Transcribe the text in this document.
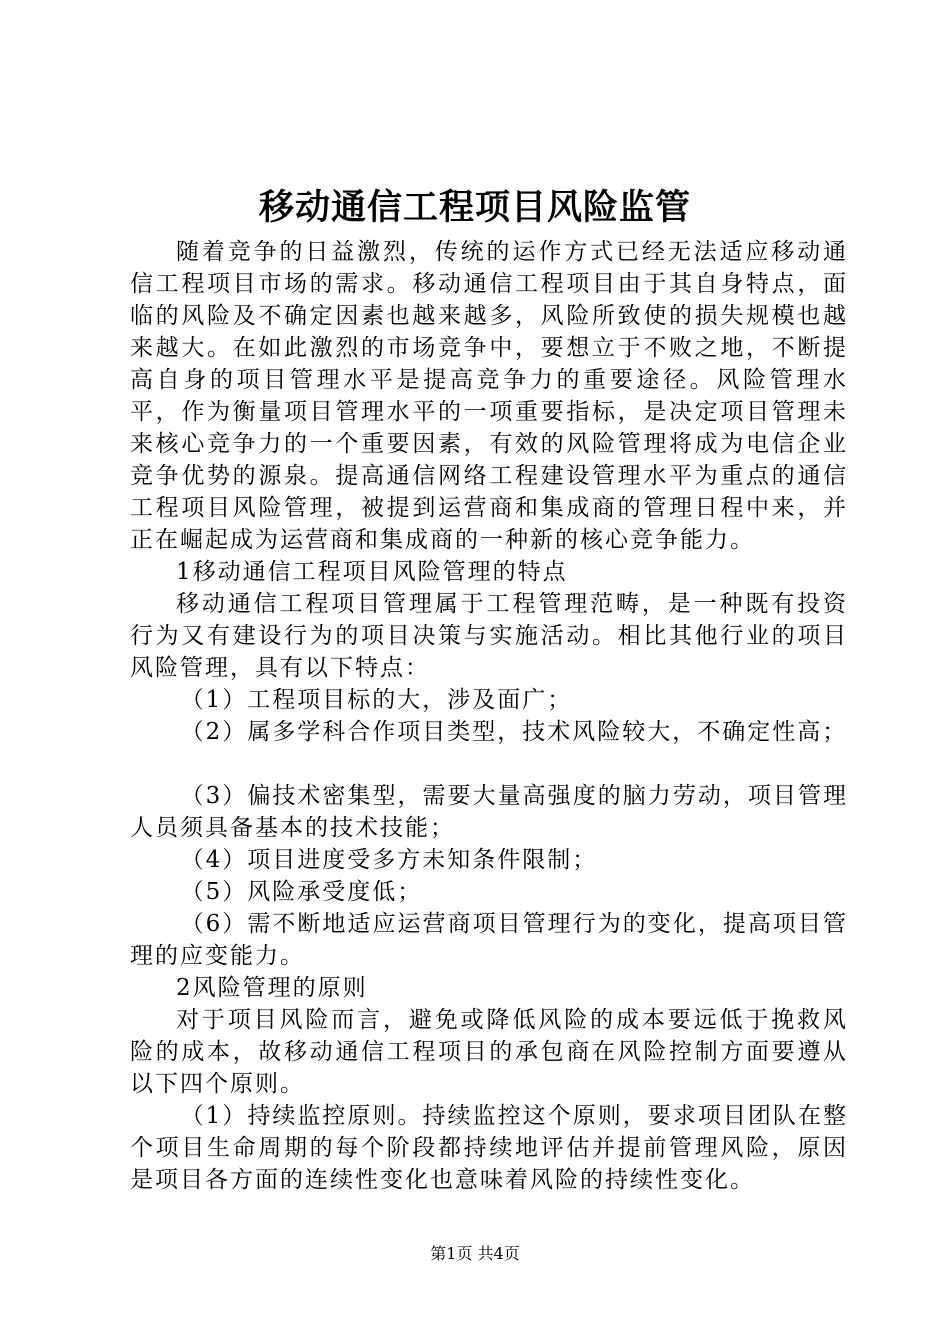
移动通信工程项目风险监管

随着竞争的日益激烈，传统的运作方式已经无法适应移动通信工程项目市场的需求。移动通信工程项目由于其自身特点，面临的风险及不确定因素也越来越多，风险所致使的损失规模也越来越大。在如此激烈的市场竞争中，要想立于不败之地，不断提高自身的项目管理水平是提高竞争力的重要途径。风险管理水平，作为衡量项目管理水平的一项重要指标，是决定项目管理未来核心竞争力的一个重要因素，有效的风险管理将成为电信企业竞争优势的源泉。提高通信网络工程建设管理水平为重点的通信工程项目风险管理，被提到运营商和集成商的管理日程中来，并正在崛起成为运营商和集成商的一种新的核心竞争能力。

1移动通信工程项目风险管理的特点

移动通信工程项目管理属于工程管理范畴，是一种既有投资行为又有建设行为的项目决策与实施活动。相比其他行业的项目风险管理，具有以下特点：

（1）工程项目标的大，涉及面广；

（2）属多学科合作项目类型，技术风险较大，不确定性高；

（3）偏技术密集型，需要大量高强度的脑力劳动，项目管理人员须具备基本的技术技能；

（4）项目进度受多方未知条件限制；

（5）风险承受度低；

（6）需不断地适应运营商项目管理行为的变化，提高项目管理的应变能力。

2风险管理的原则

对于项目风险而言，避免或降低风险的成本要远低于挽救风险的成本，故移动通信工程项目的承包商在风险控制方面要遵从以下四个原则。

（1）持续监控原则。持续监控这个原则，要求项目团队在整个项目生命周期的每个阶段都持续地评估并提前管理风险，原因是项目各方面的连续性变化也意味着风险的持续性变化。

第1页 共4页
